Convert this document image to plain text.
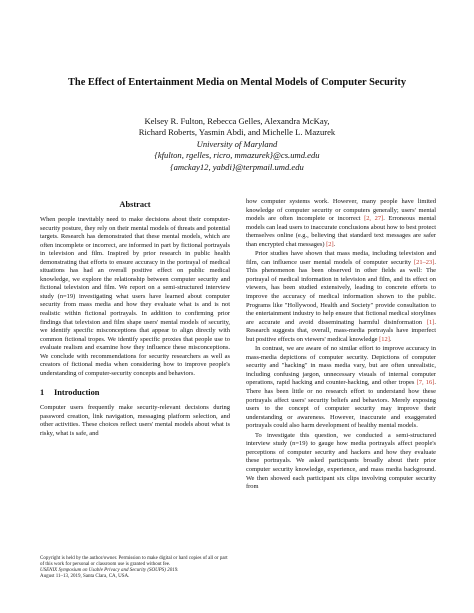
The Effect of Entertainment Media on Mental Models of Computer Security
Kelsey R. Fulton, Rebecca Gelles, Alexandra McKay,
Richard Roberts, Yasmin Abdi, and Michelle L. Mazurek
University of Maryland
{kfulton, rgelles, ricro, mmazurek}@cs.umd.edu
{amckay12, yabdi}@terpmail.umd.edu
Abstract

When people inevitably need to make decisions about their computer-security posture, they rely on their mental models of threats and potential targets. Research has demonstrated that these mental models, which are often incomplete or incorrect, are informed in part by fictional portrayals in television and film. Inspired by prior research in public health demonstrating that efforts to ensure accuracy in the portrayal of medical situations has had an overall positive effect on public medical knowledge, we explore the relationship between computer security and fictional television and film. We report on a semi-structured interview study (n=19) investigating what users have learned about computer security from mass media and how they evaluate what is and is not realistic within fictional portrayals. In addition to confirming prior findings that television and film shape users' mental models of security, we identify specific misconceptions that appear to align directly with common fictional tropes. We identify specific proxies that people use to evaluate realism and examine how they influence these misconceptions. We conclude with recommendations for security researchers as well as creators of fictional media when considering how to improve people's understanding of computer-security concepts and behaviors.

1 Introduction

Computer users frequently make security-relevant decisions during password creation, link navigation, messaging platform selection, and other activities. These choices reflect users' mental models about what is risky, what is safe, and

how computer systems work. However, many people have limited knowledge of computer security or computers generally; users' mental models are often incomplete or incorrect [2, 27]. Erroneous mental models can lead users to inaccurate conclusions about how to best protect themselves online (e.g., believing that standard text messages are safer than encrypted chat messages) [2].

Prior studies have shown that mass media, including television and film, can influence user mental models of computer security [21–23]. This phenomenon has been observed in other fields as well: The portrayal of medical information in television and film, and its effect on viewers, has been studied extensively, leading to concrete efforts to improve the accuracy of medical information shown to the public. Programs like "Hollywood, Health and Society" provide consultation to the entertainment industry to help ensure that fictional medical storylines are accurate and avoid disseminating harmful disinformation [1]. Research suggests that, overall, mass-media portrayals have imperfect but positive effects on viewers' medical knowledge [12].

In contrast, we are aware of no similar effort to improve accuracy in mass-media depictions of computer security. Depictions of computer security and "hacking" in mass media vary, but are often unrealistic, including confusing jargon, unnecessary visuals of internal computer operations, rapid hacking and counter-hacking, and other tropes [7, 16]. There has been little or no research effort to understand how these portrayals affect users' security beliefs and behaviors. Merely exposing users to the concept of computer security may improve their understanding or awareness. However, inaccurate and exaggerated portrayals could also harm development of healthy mental models.

To investigate this question, we conducted a semi-structured interview study (n=19) to gauge how media portrayals affect people's perceptions of computer security and hackers and how they evaluate these portrayals. We asked participants broadly about their prior computer security knowledge, experience, and mass media background. We then showed each participant six clips involving computer security from

Copyright is held by the author/owner. Permission to make digital or hard copies of all or part of this work for personal or classroom use is granted without fee.
USENIX Symposium on Usable Privacy and Security (SOUPS) 2019.
August 11–13, 2019, Santa Clara, CA, USA.
